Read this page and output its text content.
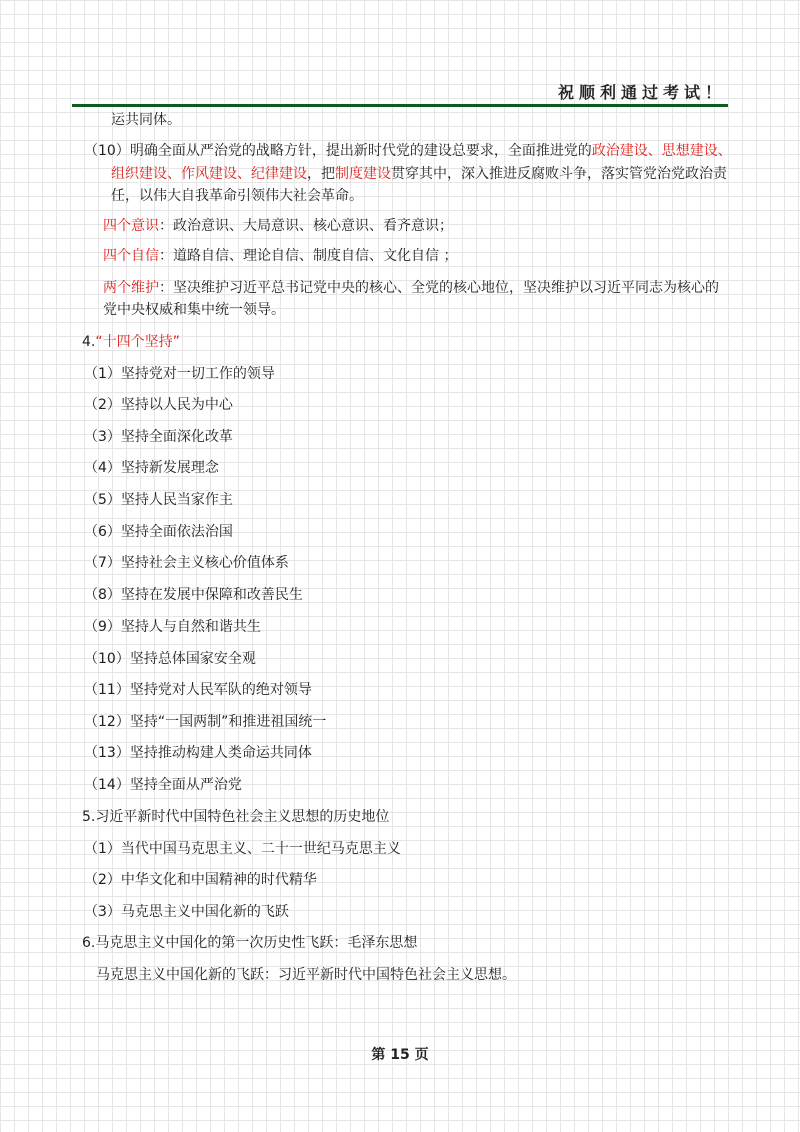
祝顺利通过考试！
运共同体。
（10）明确全面从严治党的战略方针，提出新时代党的建设总要求，全面推进党的政治建设、思想建设、
组织建设、作风建设、纪律建设，把制度建设贯穿其中，深入推进反腐败斗争，落实管党治党政治责
任，以伟大自我革命引领伟大社会革命。
四个意识：政治意识、大局意识、核心意识、看齐意识；
四个自信：道路自信、理论自信、制度自信、文化自信 ；
两个维护：坚决维护习近平总书记党中央的核心、全党的核心地位，坚决维护以习近平同志为核心的
党中央权威和集中统一领导。
4.“十四个坚持”
（1）坚持党对一切工作的领导
（2）坚持以人民为中心
（3）坚持全面深化改革
（4）坚持新发展理念
（5）坚持人民当家作主
（6）坚持全面依法治国
（7）坚持社会主义核心价值体系
（8）坚持在发展中保障和改善民生
（9）坚持人与自然和谐共生
（10）坚持总体国家安全观
（11）坚持党对人民军队的绝对领导
（12）坚持“一国两制”和推进祖国统一
（13）坚持推动构建人类命运共同体
（14）坚持全面从严治党
5.习近平新时代中国特色社会主义思想的历史地位
（1）当代中国马克思主义、二十一世纪马克思主义
（2）中华文化和中国精神的时代精华
（3）马克思主义中国化新的飞跃
6.马克思主义中国化的第一次历史性飞跃：毛泽东思想
马克思主义中国化新的飞跃：习近平新时代中国特色社会主义思想。
第 15 页
